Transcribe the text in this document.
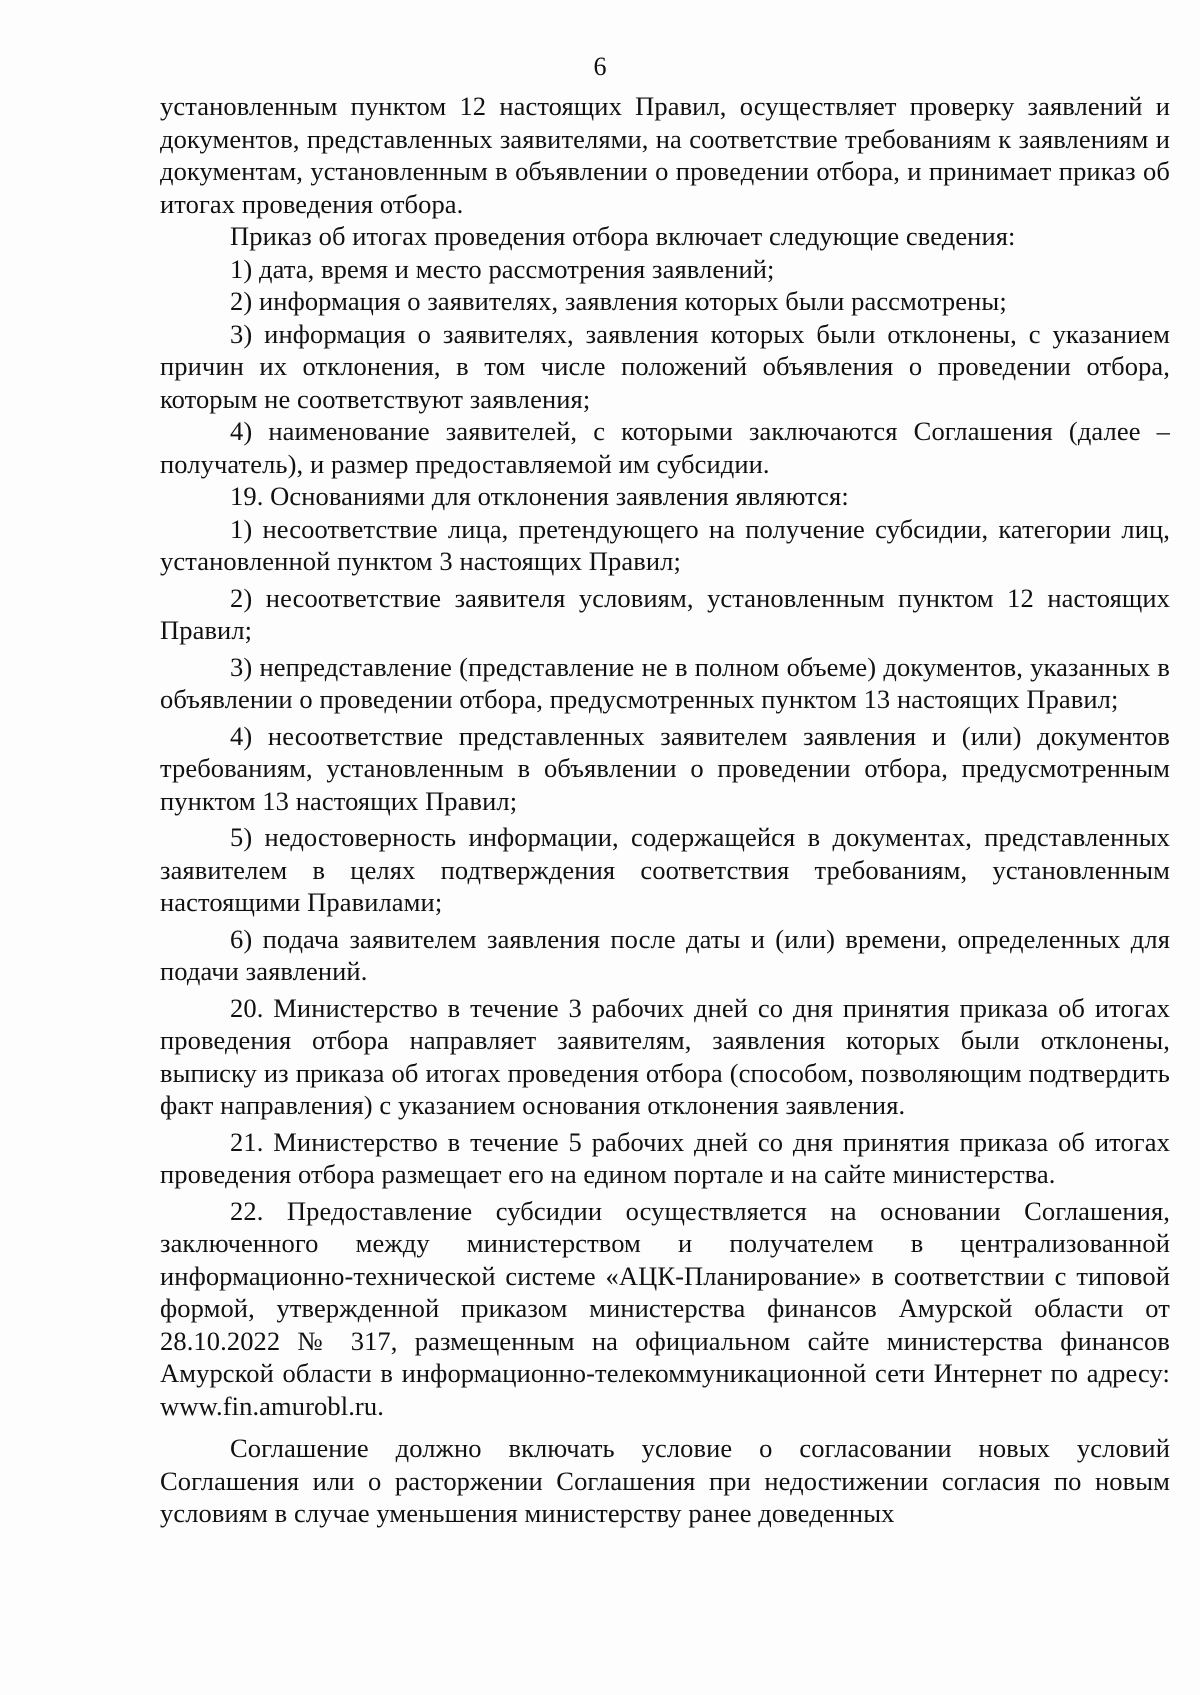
6

установленным пунктом 12 настоящих Правил, осуществляет проверку заявлений и документов, представленных заявителями, на соответствие требованиям к заявлениям и документам, установленным в объявлении о проведении отбора, и принимает приказ об итогах проведения отбора.

Приказ об итогах проведения отбора включает следующие сведения:

1) дата, время и место рассмотрения заявлений;

2) информация о заявителях, заявления которых были рассмотрены;

3) информация о заявителях, заявления которых были отклонены, с указанием причин их отклонения, в том числе положений объявления о проведении отбора, которым не соответствуют заявления;

4) наименование заявителей, с которыми заключаются Соглашения (далее – получатель), и размер предоставляемой им субсидии.

19. Основаниями для отклонения заявления являются:

1) несоответствие лица, претендующего на получение субсидии, категории лиц, установленной пунктом 3 настоящих Правил;

2) несоответствие заявителя условиям, установленным пунктом 12 настоящих Правил;

3) непредставление (представление не в полном объеме) документов, указанных в объявлении о проведении отбора, предусмотренных пунктом 13 настоящих Правил;

4) несоответствие представленных заявителем заявления и (или) документов требованиям, установленным в объявлении о проведении отбора, предусмотренным пунктом 13 настоящих Правил;

5) недостоверность информации, содержащейся в документах, представленных заявителем в целях подтверждения соответствия требованиям, установленным настоящими Правилами;

6) подача заявителем заявления после даты и (или) времени, определенных для подачи заявлений.

20. Министерство в течение 3 рабочих дней со дня принятия приказа об итогах проведения отбора направляет заявителям, заявления которых были отклонены, выписку из приказа об итогах проведения отбора (способом, позволяющим подтвердить факт направления) с указанием основания отклонения заявления.

21. Министерство в течение 5 рабочих дней со дня принятия приказа об итогах проведения отбора размещает его на едином портале и на сайте министерства.

22. Предоставление субсидии осуществляется на основании Соглашения, заключенного между министерством и получателем в централизованной информационно-технической системе «АЦК-Планирование» в соответствии с типовой формой, утвержденной приказом министерства финансов Амурской области от 28.10.2022 № 317, размещенным на официальном сайте министерства финансов Амурской области в информационно-телекоммуникационной сети Интернет по адресу: www.fin.amurobl.ru.

Соглашение должно включать условие о согласовании новых условий Соглашения или о расторжении Соглашения при недостижении согласия по новым условиям в случае уменьшения министерству ранее доведенных
